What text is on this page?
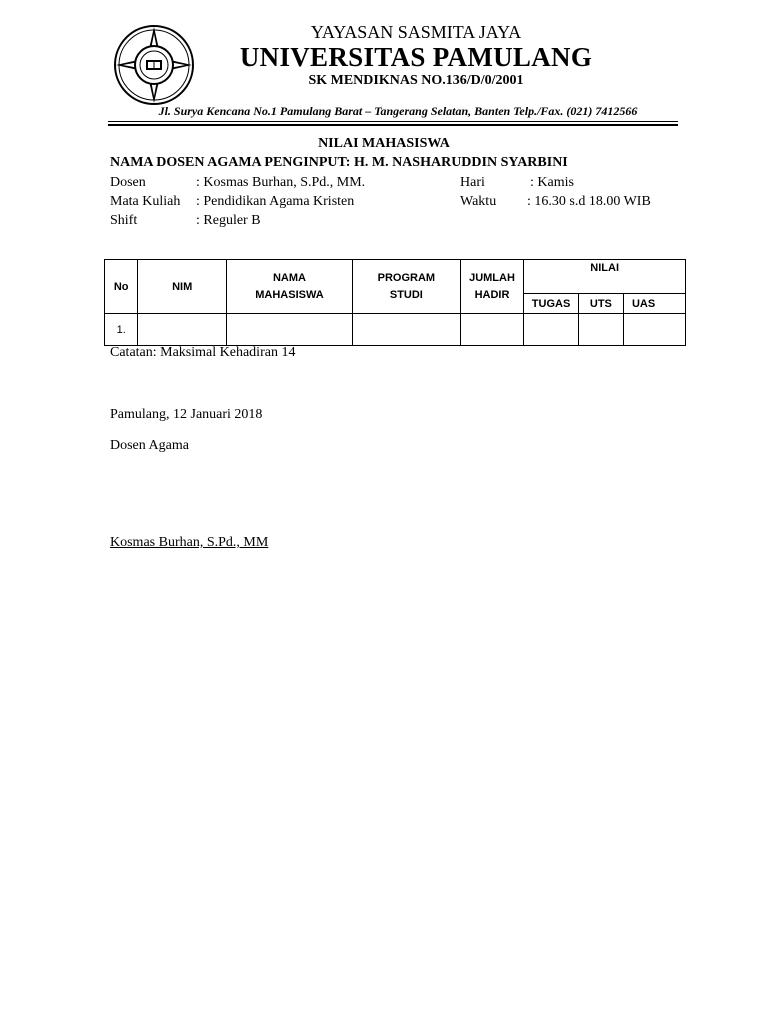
YAYASAN SASMITA JAYA
UNIVERSITAS PAMULANG
SK MENDIKNAS NO.136/D/0/2001
Jl. Surya Kencana No.1 Pamulang Barat – Tangerang Selatan, Banten Telp./Fax. (021) 7412566
NILAI MAHASISWA
NAMA DOSEN AGAMA PENGINPUT: H. M. NASHARUDDIN SYARBINI
Dosen	: Kosmas Burhan, S.Pd., MM.
Mata Kuliah : Pendidikan Agama Kristen
Shift	: Reguler B
Hari	: Kamis
Waktu : 16.30 s.d 18.00 WIB
No	NIM	NAMA MAHASISWA	PROGRAM STUDI	JUMLAH HADIR	NILAI		
					TUGAS	UTS	UAS
1.							
Catatan: Maksimal Kehadiran 14
Pamulang, 12 Januari 2018
Dosen Agama
Kosmas Burhan, S.Pd., MM
